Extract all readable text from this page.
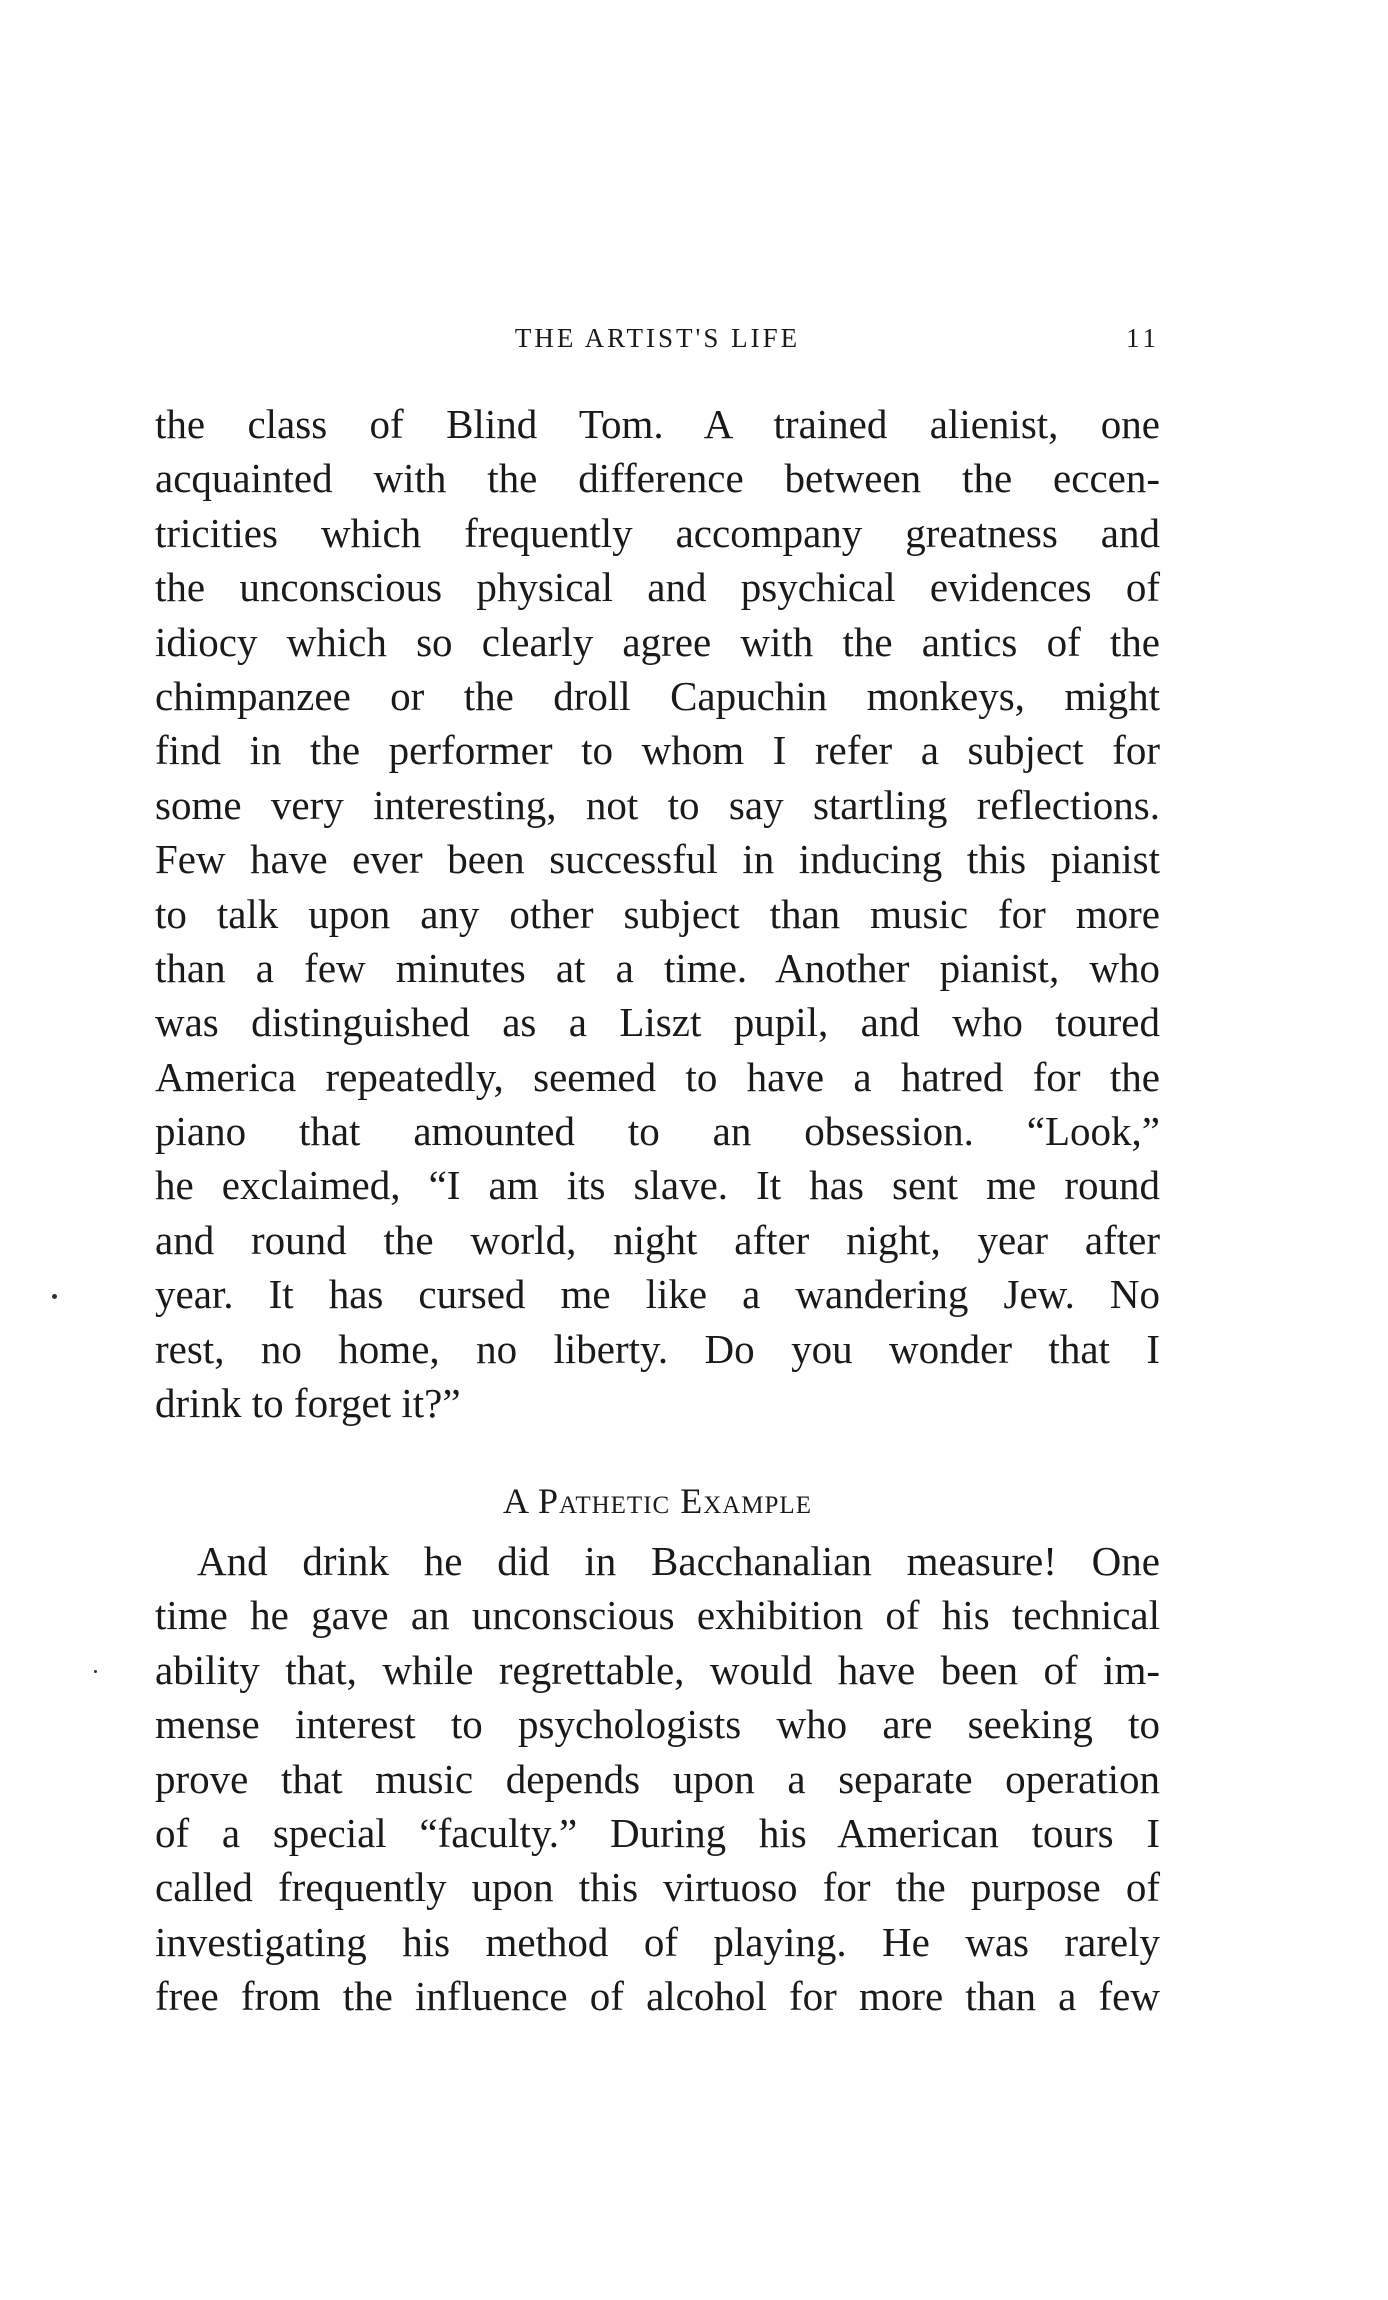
THE ARTIST'S LIFE	11
the class of Blind Tom. A trained alienist, one
acquainted with the difference between the eccen-
tricities which frequently accompany greatness and
the unconscious physical and psychical evidences of
idiocy which so clearly agree with the antics of the
chimpanzee or the droll Capuchin monkeys, might
find in the performer to whom I refer a subject for
some very interesting, not to say startling reflections.
Few have ever been successful in inducing this pianist
to talk upon any other subject than music for more
than a few minutes at a time. Another pianist, who
was distinguished as a Liszt pupil, and who toured
America repeatedly, seemed to have a hatred for the
piano that amounted to an obsession. “Look,”
he exclaimed, “I am its slave. It has sent me round
and round the world, night after night, year after
year. It has cursed me like a wandering Jew. No
rest, no home, no liberty. Do you wonder that I
drink to forget it?”
A Pathetic Example
And drink he did in Bacchanalian measure! One
time he gave an unconscious exhibition of his technical
ability that, while regrettable, would have been of im-
mense interest to psychologists who are seeking to
prove that music depends upon a separate operation
of a special “faculty.” During his American tours I
called frequently upon this virtuoso for the purpose of
investigating his method of playing. He was rarely
free from the influence of alcohol for more than a few
